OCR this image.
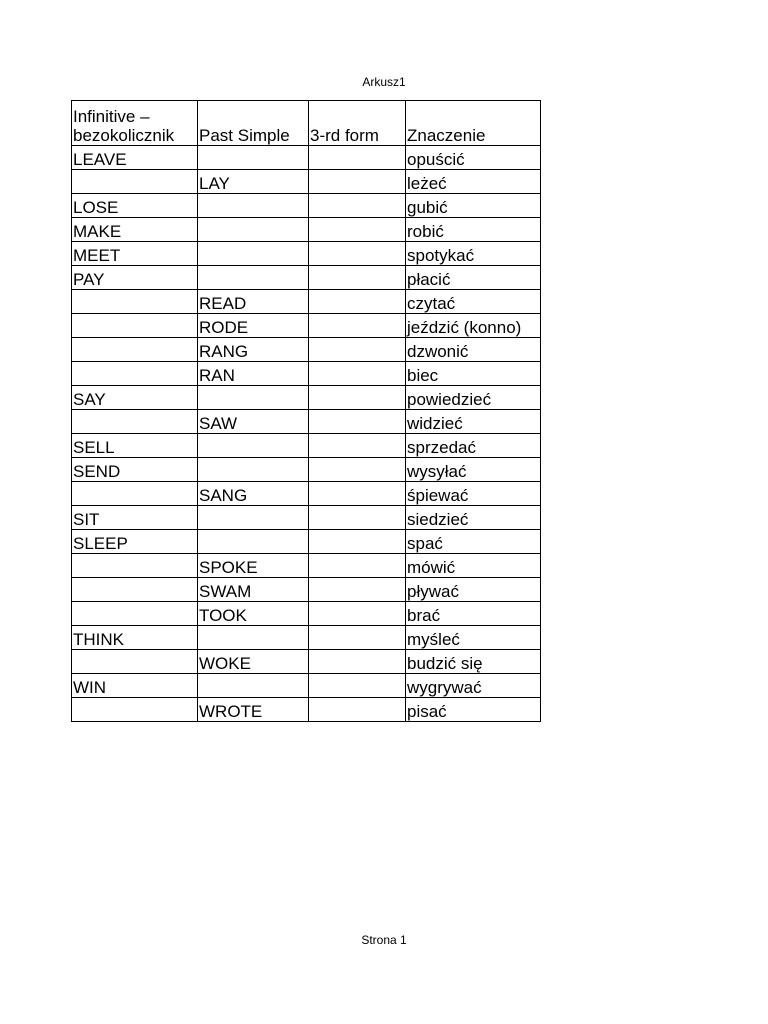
Arkusz1
Infinitive – bezokolicznik	Past Simple	3-rd form	Znaczenie
LEAVE			opuścić
	LAY		leżeć
LOSE			gubić
MAKE			robić
MEET			spotykać
PAY			płacić
	READ		czytać
	RODE		jeździć (konno)
	RANG		dzwonić
	RAN		biec
SAY			powiedzieć
	SAW		widzieć
SELL			sprzedać
SEND			wysyłać
	SANG		śpiewać
SIT			siedzieć
SLEEP			spać
	SPOKE		mówić
	SWAM		pływać
	TOOK		brać
THINK			myśleć
	WOKE		budzić się
WIN			wygrywać
	WROTE		pisać
Strona 1
